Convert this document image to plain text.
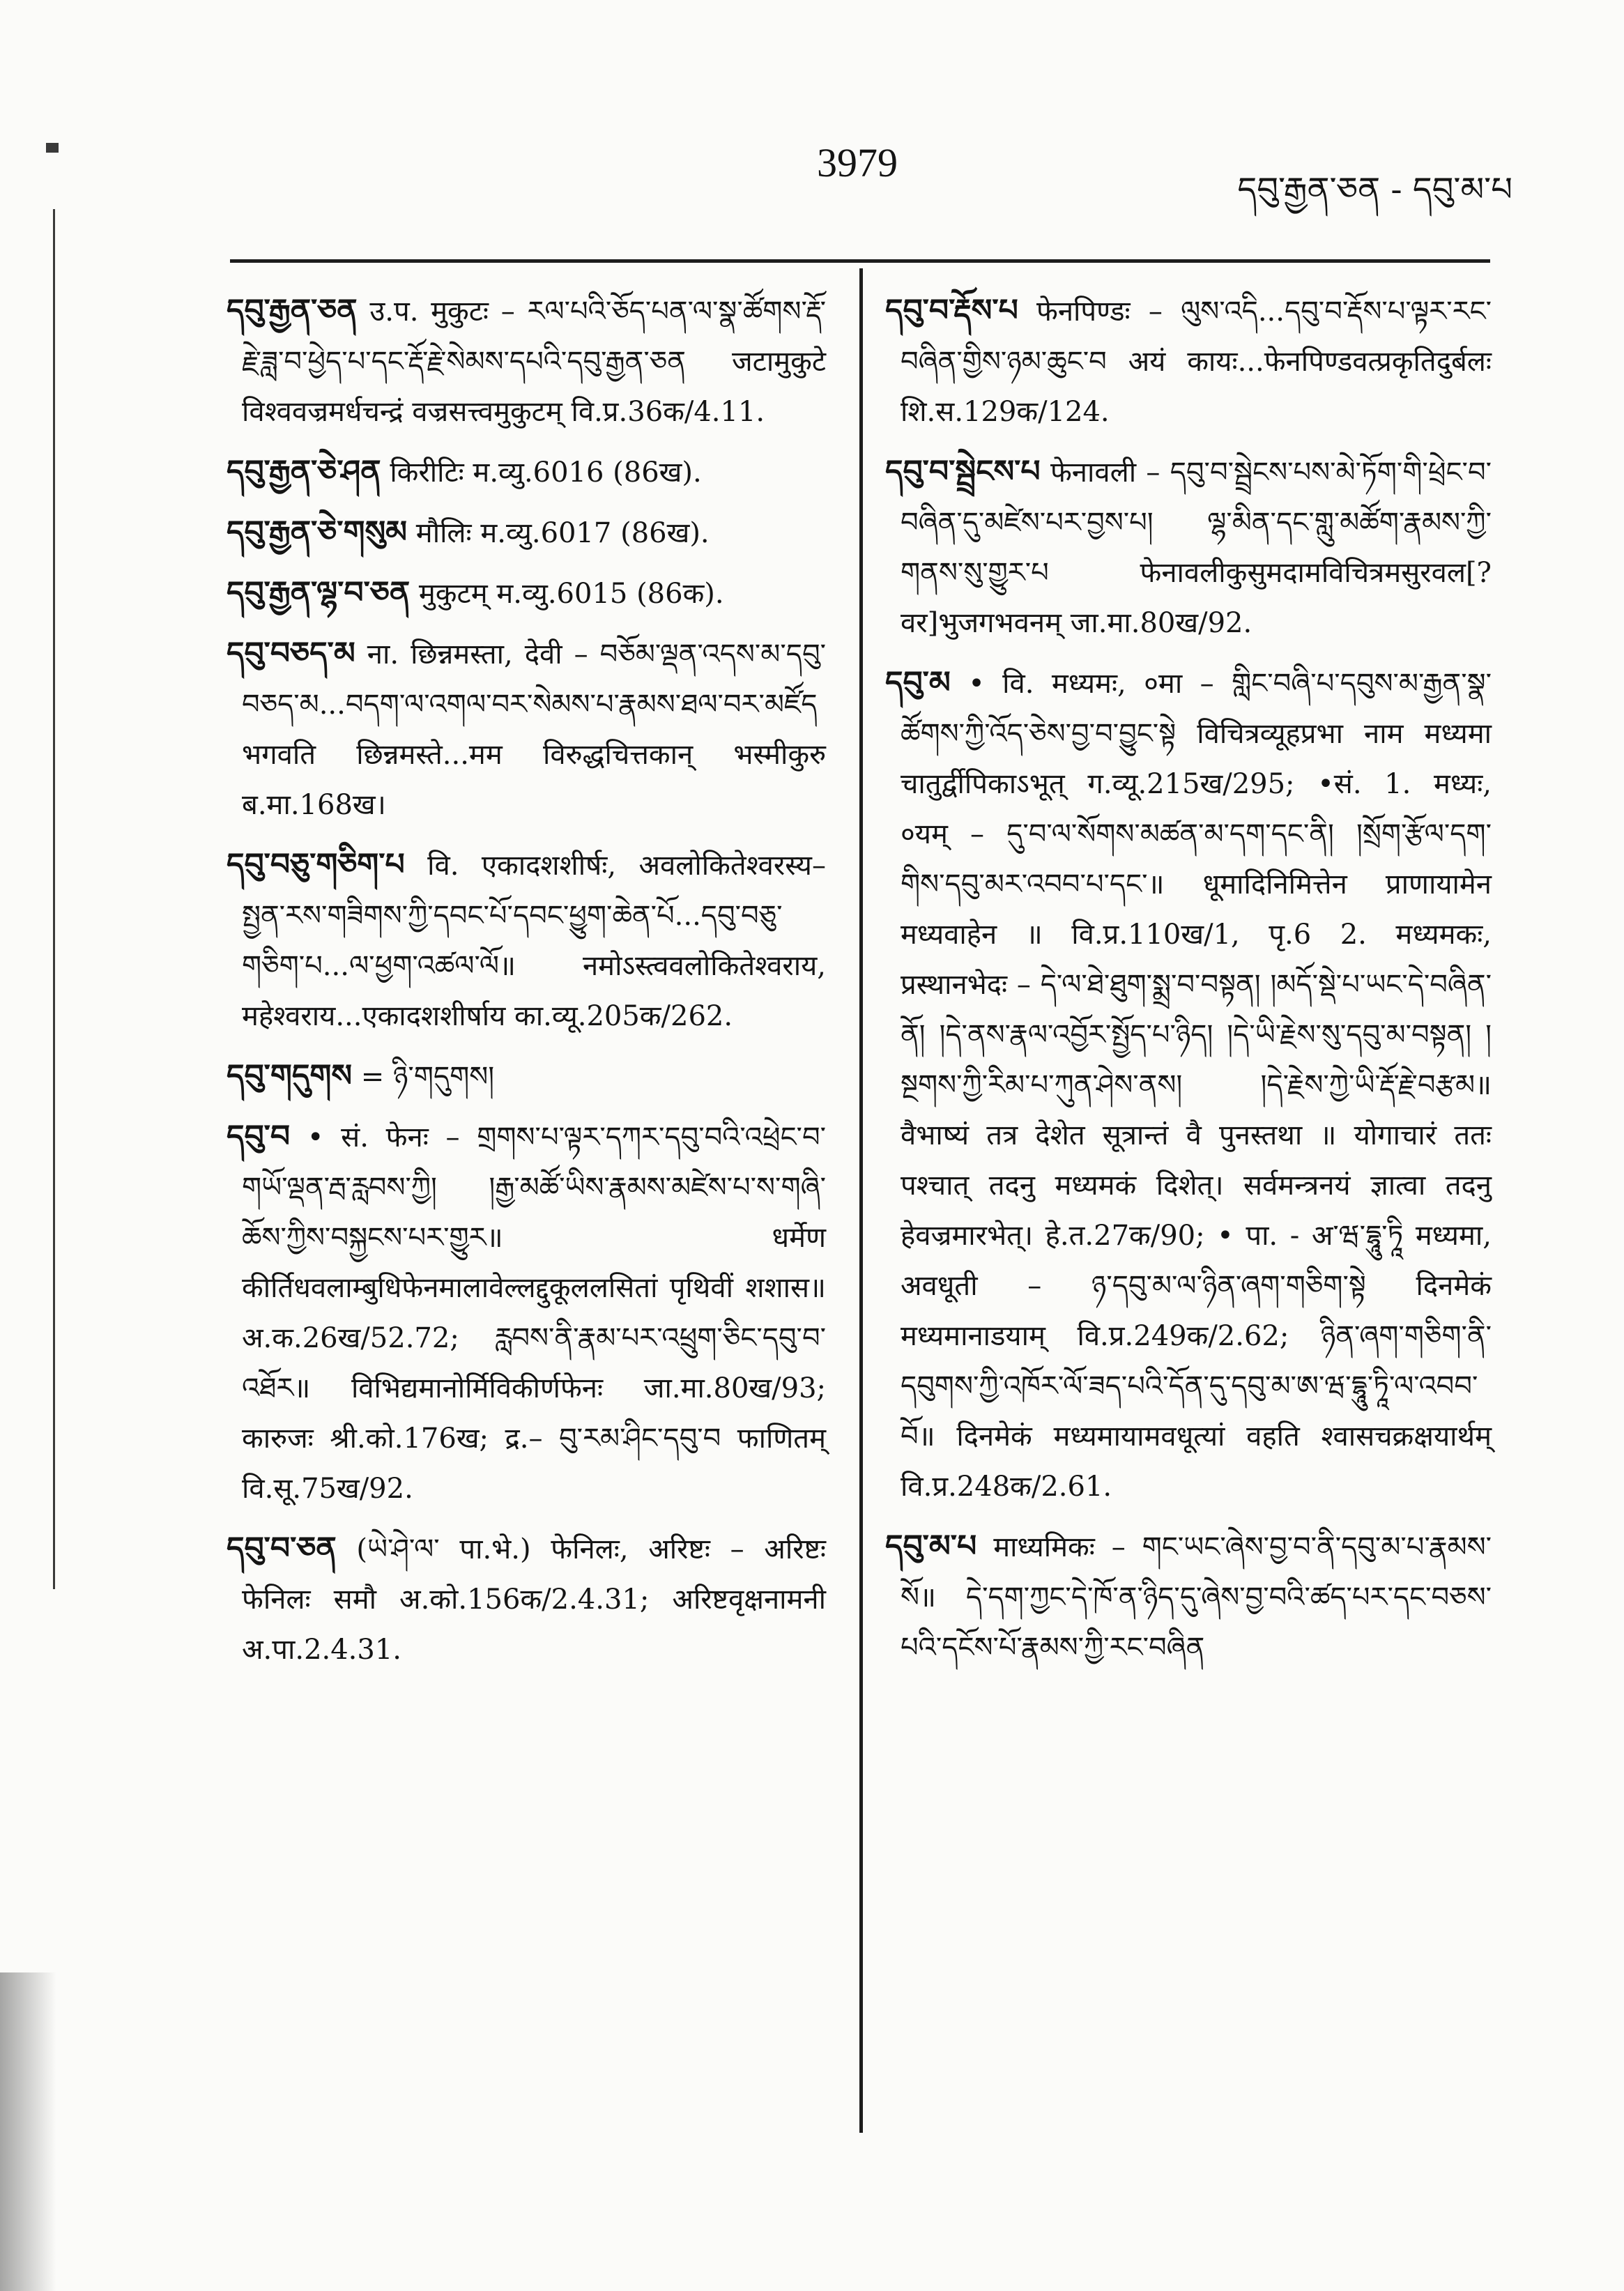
3979
དབུ་རྒྱན་ཅན - དབུ་མ་པ
དབུ་རྒྱན་ཅན उ.प. मुकुटः – རལ་པའི་ཅོད་པན་ལ་སྣ་ཚོགས་རྡོ་རྗེ་ཟླ་བ་ཕྱེད་པ་དང་རྡོ་རྗེ་སེམས་དཔའི་དབུ་རྒྱན་ཅན जटामुकुटे विश्ववज्रमर्धचन्द्रं वज्रसत्त्वमुकुटम् वि.प्र.36क/4.11.
དབུ་རྒྱན་ཅེ་ཤན किरीटिः म.व्यु.6016 (86ख).
དབུ་རྒྱན་ཅེ་གསུམ मौलिः म.व्यु.6017 (86ख).
དབུ་རྒྱན་ལྷ་བ་ཅན मुकुटम् म.व्यु.6015 (86क).
དབུ་བཅད་མ ना. छिन्नमस्ता, देवी – བཅོམ་ལྡན་འདས་མ་དབུ་བཅད་མ...བདག་ལ་འགལ་བར་སེམས་པ་རྣམས་ཐལ་བར་མཛོད भगवति छिन्नमस्ते...मम विरुद्धचित्तकान् भस्मीकुरु ब.मा.168ख।
དབུ་བཅུ་གཅིག་པ वि. एकादशशीर्षः, अवलोकितेश्वरस्य– སྤྱན་རས་གཟིགས་ཀྱི་དབང་པོ་དབང་ཕྱུག་ཆེན་པོ...དབུ་བཅུ་གཅིག་པ...ལ་ཕྱག་འཚལ་ལོ॥ नमोऽस्त्ववलोकितेश्वराय, महेश्वराय...एकादशशीर्षाय का.व्यू.205क/262.
དབུ་གདུགས = ཉི་གདུགས།
དབུ་བ • सं. फेनः – གྲགས་པ་ལྟར་དཀར་དབུ་བའི་འཕྲེང་བ་གཡོ་ལྡན་རྦ་རླབས་ཀྱི། །རྒྱ་མཚོ་ཡིས་རྣམས་མཛེས་པ་ས་གཞི་ཆོས་ཀྱིས་བསྐྱངས་པར་གྱུར॥ धर्मेण कीर्तिधवलाम्बुधिफेनमालावेल्लद्दुकूललसितां पृथिवीं शशास॥ अ.क.26ख/52.72; རླབས་ནི་རྣམ་པར་འཕྲུག་ཅིང་དབུ་བ་འཐོར॥ विभिद्यमानोर्मिविकीर्णफेनः जा.मा.80ख/93; कारुजः श्री.को.176ख; द्र.– བུ་རམ་ཤིང་དབུ་བ फाणितम् वि.सू.75ख/92.
དབུ་བ་ཅན (ཡེ་ཤེ་ལ་ पा.भे.) फेनिलः, अरिष्टः – अरिष्टः फेनिलः समौ अ.को.156क/2.4.31; अरिष्टवृक्षनामनी अ.पा.2.4.31.
དབུ་བ་རྡོས་པ फेनपिण्डः – ལུས་འདི...དབུ་བ་རྡོས་པ་ལྟར་རང་བཞིན་གྱིས་ཉམ་ཆུང་བ अयं कायः...फेनपिण्डवत्प्रकृतिदुर्बलः शि.स.129क/124.
དབུ་བ་སྦྲེངས་པ फेनावली – དབུ་བ་སྦྲེངས་པས་མེ་ཏོག་གི་ཕྲེང་བ་བཞིན་དུ་མཛེས་པར་བྱས་པ། ལྷ་མིན་དང་གླུ་མཚོག་རྣམས་ཀྱི་གནས་སུ་གྱུར་པ फेनावलीकुसुमदामविचित्रमसुरवल[?वर]भुजगभवनम् जा.मा.80ख/92.
དབུ་མ • वि. मध्यमः, ०मा – གླིང་བཞི་པ་དབུས་མ་རྒྱན་སྣ་ཚོགས་ཀྱི་འོད་ཅེས་བྱ་བ་བྱུང་སྟེ विचित्रव्यूहप्रभा नाम मध्यमा चातुर्द्वीपिकाऽभूत् ग.व्यू.215ख/295; •सं. 1. मध्यः, ०यम् – དུ་བ་ལ་སོགས་མཚན་མ་དག་དང་ནི། །སྲོག་རྩོལ་དག་གིས་དབུ་མར་འབབ་པ་དང་॥ धूमादिनिमित्तेन प्राणायामेन मध्यवाहेन ॥ वि.प्र.110ख/1, पृ.6 2. मध्यमकः, प्रस्थानभेदः – དེ་ལ་ཐེ་ཐུག་སྨྲ་བ་བསྟན། །མདོ་སྡེ་པ་ཡང་དེ་བཞིན་ནོ། །དེ་ནས་རྣལ་འབྱོར་སྤྱོད་པ་ཉིད། །དེ་ཡི་རྗེས་སུ་དབུ་མ་བསྟན། །སྔགས་ཀྱི་རིམ་པ་ཀུན་ཤེས་ནས། །དེ་རྗེས་ཀྱེ་ཡི་རྡོ་རྗེ་བརྩམ॥ वैभाष्यं तत्र देशेत सूत्रान्तं वै पुनस्तथा ॥ योगाचारं ततः पश्चात् तदनु मध्यमकं दिशेत्। सर्वमन्त्रनयं ज्ञात्वा तदनु हेवज्रमारभेत्। हे.त.27क/90; • पा. - अ་ཝ་དྷཱུ་ཏཱི मध्यमा, अवधूती – ཉ་དབུ་མ་ལ་ཉིན་ཞག་གཅིག་སྟེ दिनमेकं मध्यमानाडयाम् वि.प्र.249क/2.62; ཉིན་ཞག་གཅིག་ནི་དབུགས་ཀྱི་འཁོར་ལོ་ཟད་པའི་དོན་དུ་དབུ་མ་ཨ་ཝ་དྷཱུ་ཏཱི་ལ་འབབ་བོ॥ दिनमेकं मध्यमायामवधूत्यां वहति श्वासचक्रक्षयार्थम् वि.प्र.248क/2.61.
དབུ་མ་པ माध्यमिकः – གང་ཡང་ཞེས་བྱ་བ་ནི་དབུ་མ་པ་རྣམས་སོ॥ དེ་དག་ཀྱང་དེ་ཁོ་ན་ཉིད་དུ་ཞེས་བྱ་བའི་ཚད་པར་དང་བཅས་པའི་དངོས་པོ་རྣམས་ཀྱི་རང་བཞིན
